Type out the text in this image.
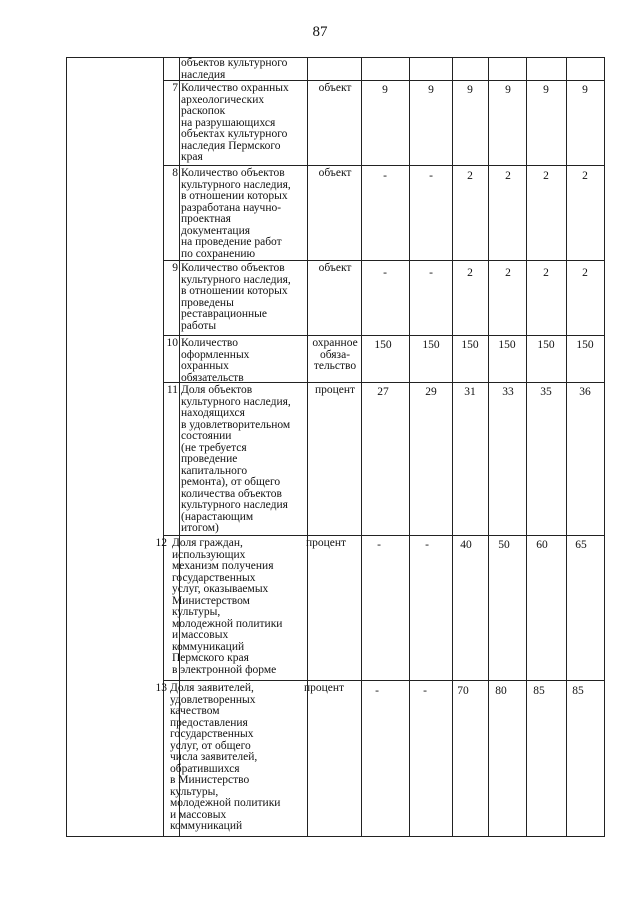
87
объектов культурного
наследия
7 Количество охранных
археологических
раскопок
на разрушающихся
объектах культурного
наследия Пермского
края
объект	9	9	9	9	9	9
8 Количество объектов
культурного наследия,
в отношении которых
разработана научно-
проектная
документация
на проведение работ
по сохранению
объект	-	-	2	2	2	2
9 Количество объектов
культурного наследия,
в отношении которых
проведены
реставрационные
работы
объект	-	-	2	2	2	2
10 Количество
оформленных
охранных
обязательств
охранное
обяза-
тельство
150	150	150	150	150	150
11 Доля объектов
культурного наследия,
находящихся
в удовлетворительном
состоянии
(не требуется
проведение
капитального
ремонта), от общего
количества объектов
культурного наследия
(нарастающим
итогом)
процент	27	29	31	33	35	36
12 Доля граждан,
использующих
механизм получения
государственных
услуг, оказываемых
Министерством
культуры,
молодежной политики
и массовых
коммуникаций
Пермского края
в электронной форме
процент	-	-	40	50	60	65
13 Доля заявителей,
удовлетворенных
качеством
предоставления
государственных
услуг, от общего
числа заявителей,
обратившихся
в Министерство
культуры,
молодежной политики
и массовых
коммуникаций
процент	-	-	70	80	85	85
